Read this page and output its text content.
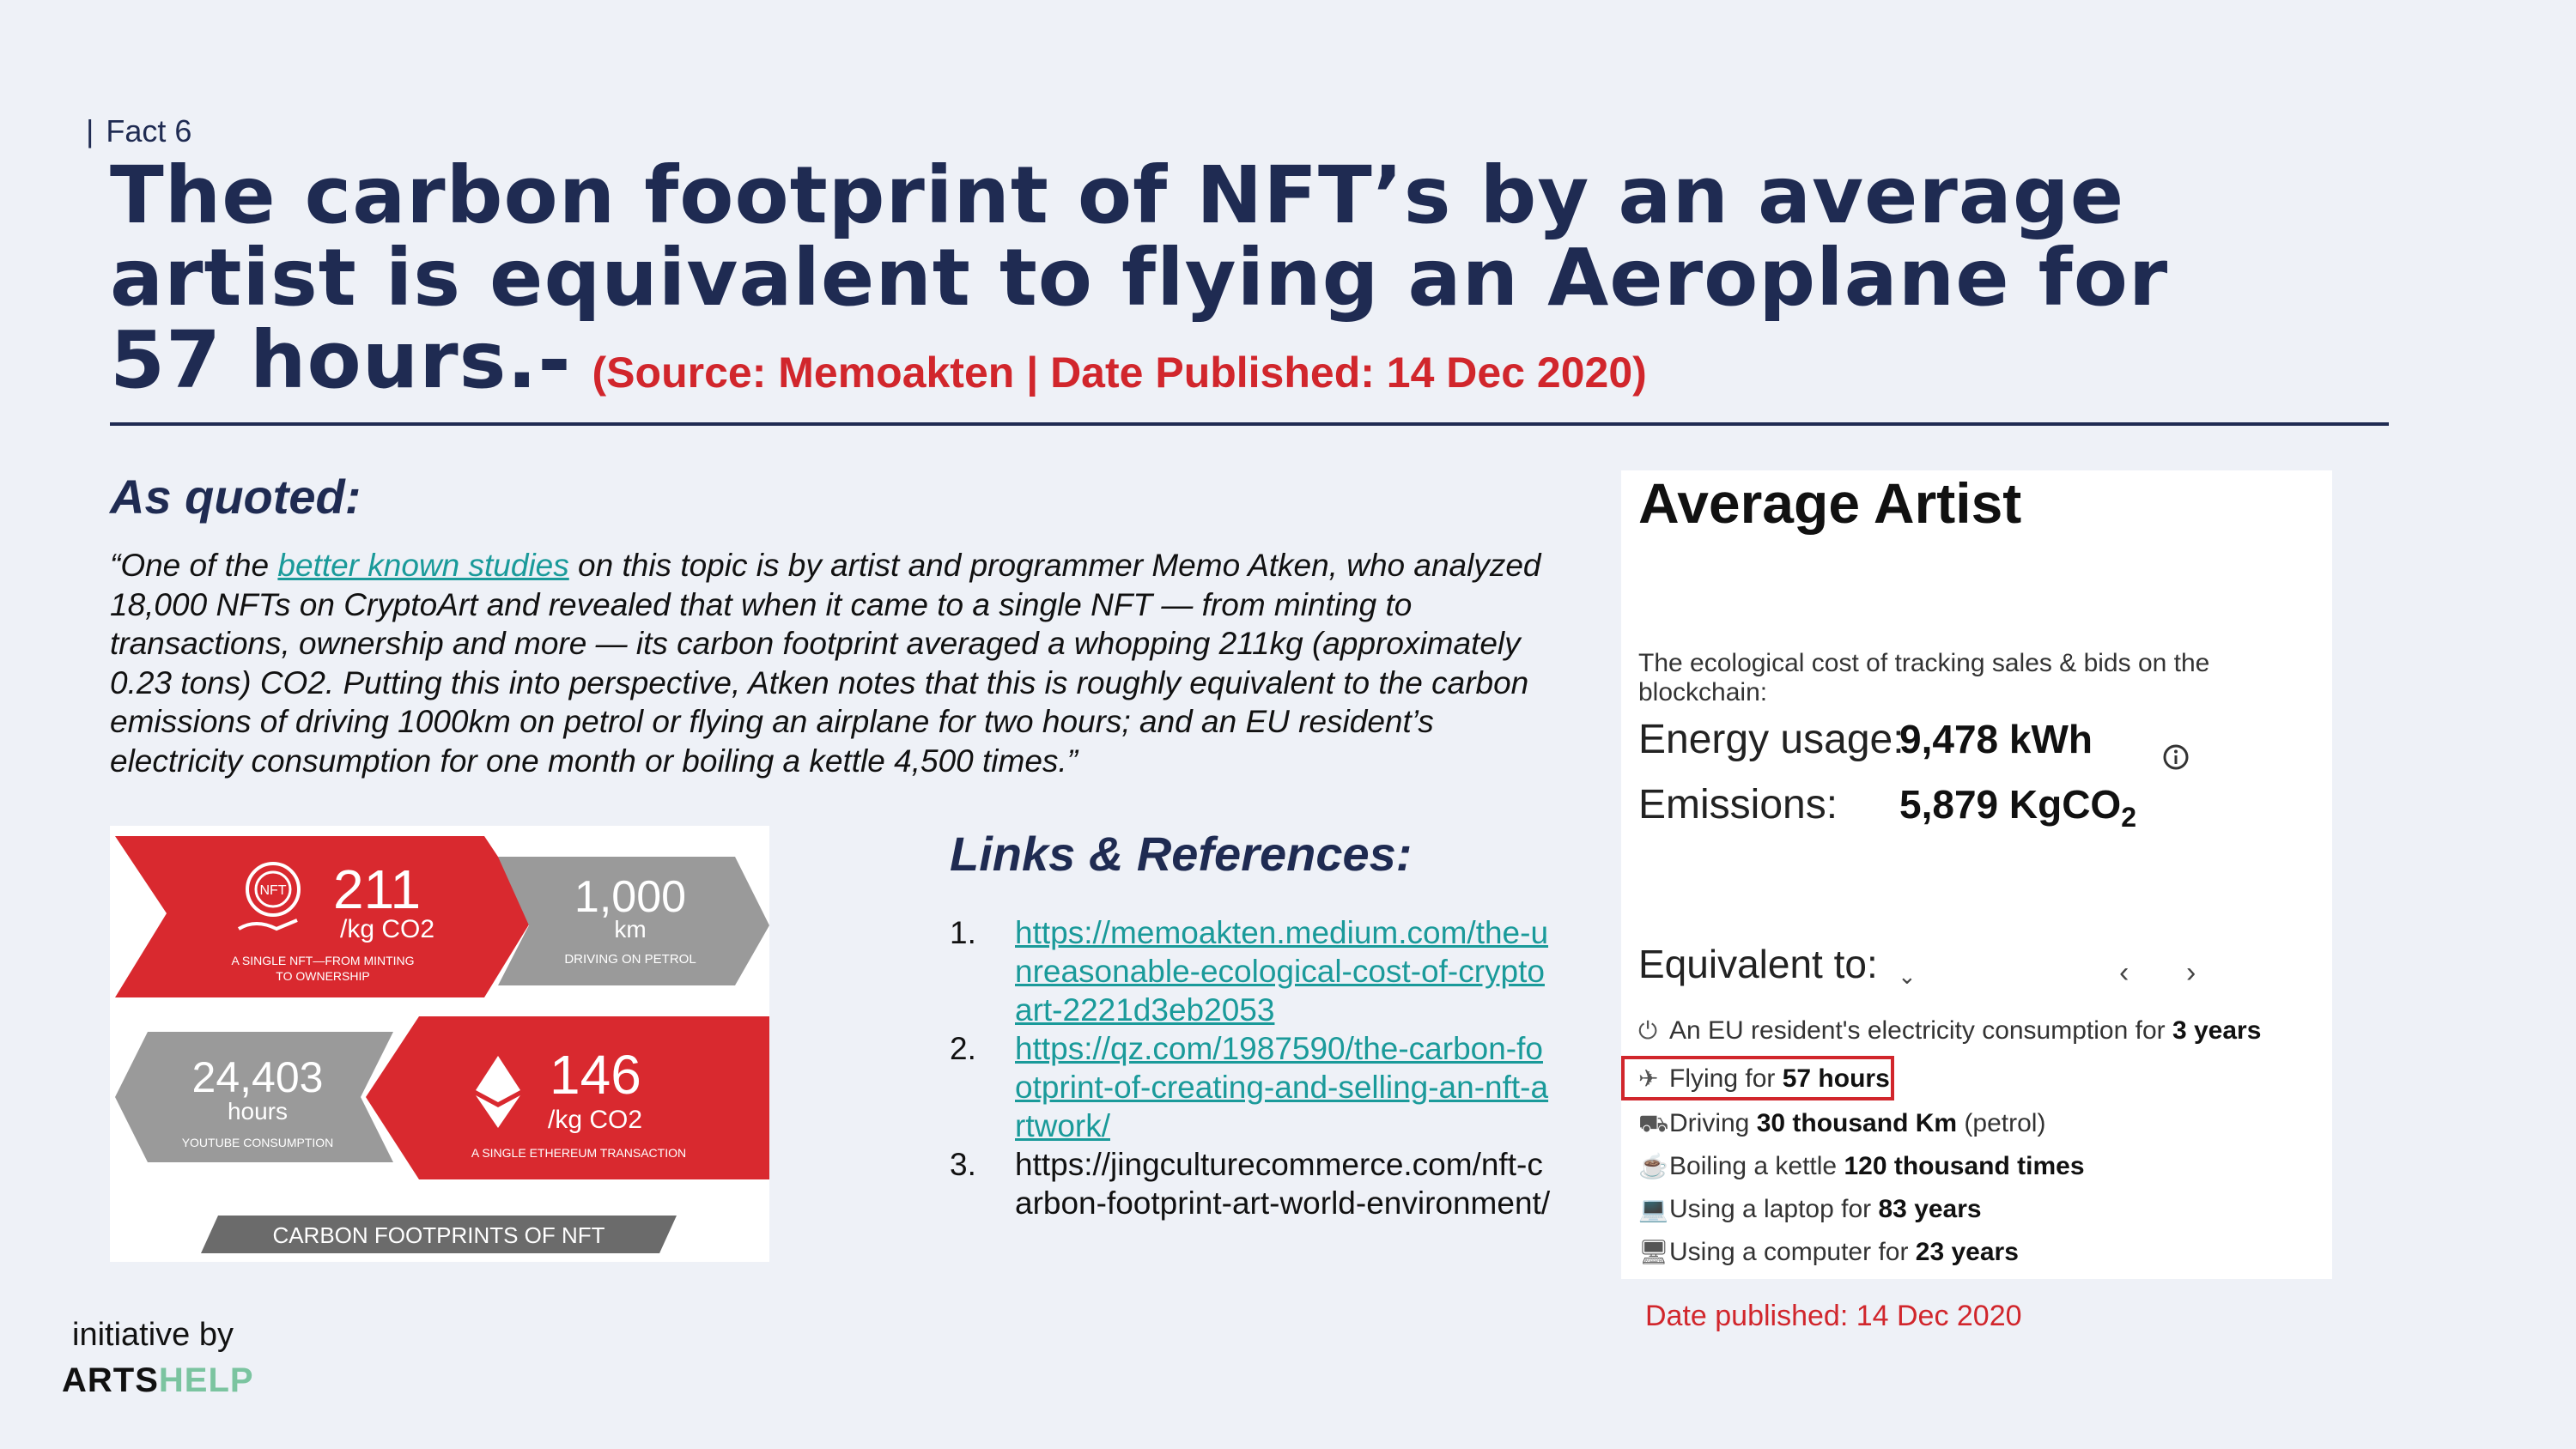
| Fact 6
The carbon footprint of NFT’s by an average
artist is equivalent to flying an Aeroplane for
57 hours.- (Source: Memoakten | Date Published: 14 Dec 2020)
As quoted:
“One of the better known studies on this topic is by artist and programmer Memo Atken, who analyzed 18,000 NFTs on CryptoArt and revealed that when it came to a single NFT — from minting to transactions, ownership and more — its carbon footprint averaged a whopping 211kg (approximately 0.23 tons) CO2. Putting this into perspective, Atken notes that this is roughly equivalent to the carbon emissions of driving 1000km on petrol or flying an airplane for two hours; and an EU resident’s electricity consumption for one month or boiling a kettle 4,500 times.”
NFT 211
/kg CO2
A SINGLE NFT—FROM MINTING
TO OWNERSHIP
1,000
km
DRIVING ON PETROL
24,403
hours
YOUTUBE CONSUMPTION
146
/kg CO2
A SINGLE ETHEREUM TRANSACTION
CARBON FOOTPRINTS OF NFT
Links & References:
1. https://memoakten.medium.com/the-unreasonable-ecological-cost-of-cryptoart-2221d3eb2053
2. https://qz.com/1987590/the-carbon-footprint-of-creating-and-selling-an-nft-artwork/
3. https://jingculturecommerce.com/nft-carbon-footprint-art-world-environment/
Average Artist
The ecological cost of tracking sales & bids on the blockchain:
Energy usage:
9,478 kWh
Emissions: 5,879 KgCO$_2$
Equivalent to: ⌄	‹ ›
⏻ An EU resident's electricity consumption for 3 years
✈ Flying for 57 hours
⛟Driving 30 thousand Km (petrol)
☕Boiling a kettle 120 thousand times
💻Using a laptop for 83 years
🖥Using a computer for 23 years
Date published: 14 Dec 2020
initiative by
ARTSHELP
